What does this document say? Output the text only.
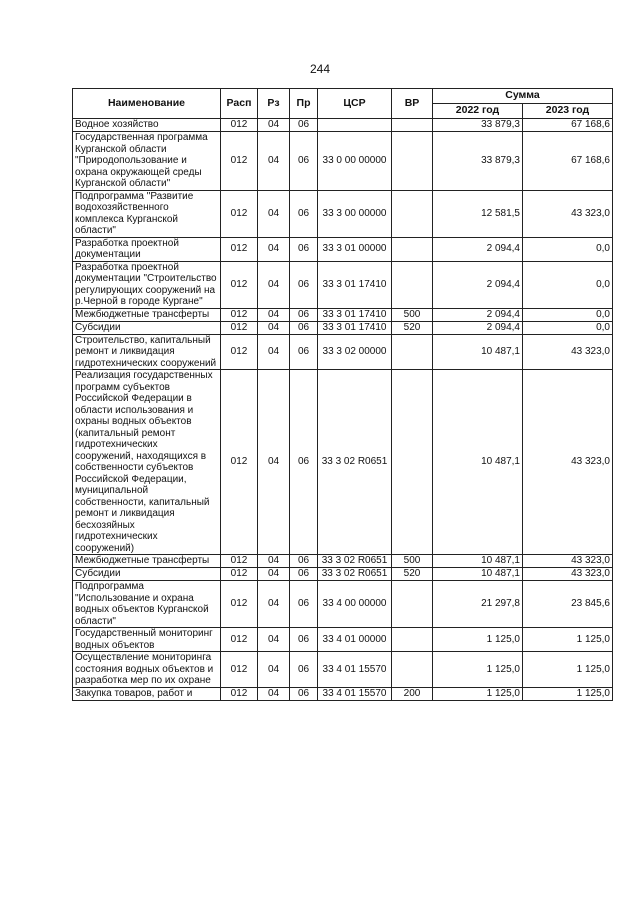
244
Наименование	Расп	Рз	Пр	ЦСР	ВР	Сумма	
						2022 год	2023 год
Водное хозяйство	012	04	06			33 879,3	67 168,6
Государственная программа Курганской области "Природопользование и охрана окружающей среды Курганской области"	012	04	06	33 0 00 00000		33 879,3	67 168,6
Подпрограмма "Развитие водохозяйственного комплекса Курганской области"	012	04	06	33 3 00 00000		12 581,5	43 323,0
Разработка проектной документации	012	04	06	33 3 01 00000		2 094,4	0,0
Разработка проектной документации "Строительство регулирующих сооружений на р.Черной в городе Кургане"	012	04	06	33 3 01 17410		2 094,4	0,0
Межбюджетные трансферты	012	04	06	33 3 01 17410	500	2 094,4	0,0
Субсидии	012	04	06	33 3 01 17410	520	2 094,4	0,0
Строительство, капитальный ремонт и ликвидация гидротехнических сооружений	012	04	06	33 3 02 00000		10 487,1	43 323,0
Реализация государственных программ субъектов Российской Федерации в области использования и охраны водных объектов (капитальный ремонт гидротехнических сооружений, находящихся в собственности субъектов Российской Федерации, муниципальной собственности, капитальный ремонт и ликвидация бесхозяйных гидротехнических сооружений)	012	04	06	33 3 02 R0651		10 487,1	43 323,0
Межбюджетные трансферты	012	04	06	33 3 02 R0651	500	10 487,1	43 323,0
Субсидии	012	04	06	33 3 02 R0651	520	10 487,1	43 323,0
Подпрограмма "Использование и охрана водных объектов Курганской области"	012	04	06	33 4 00 00000		21 297,8	23 845,6
Государственный мониторинг водных объектов	012	04	06	33 4 01 00000		1 125,0	1 125,0
Осуществление мониторинга состояния водных объектов и разработка мер по их охране	012	04	06	33 4 01 15570		1 125,0	1 125,0
Закупка товаров, работ и	012	04	06	33 4 01 15570	200	1 125,0	1 125,0
